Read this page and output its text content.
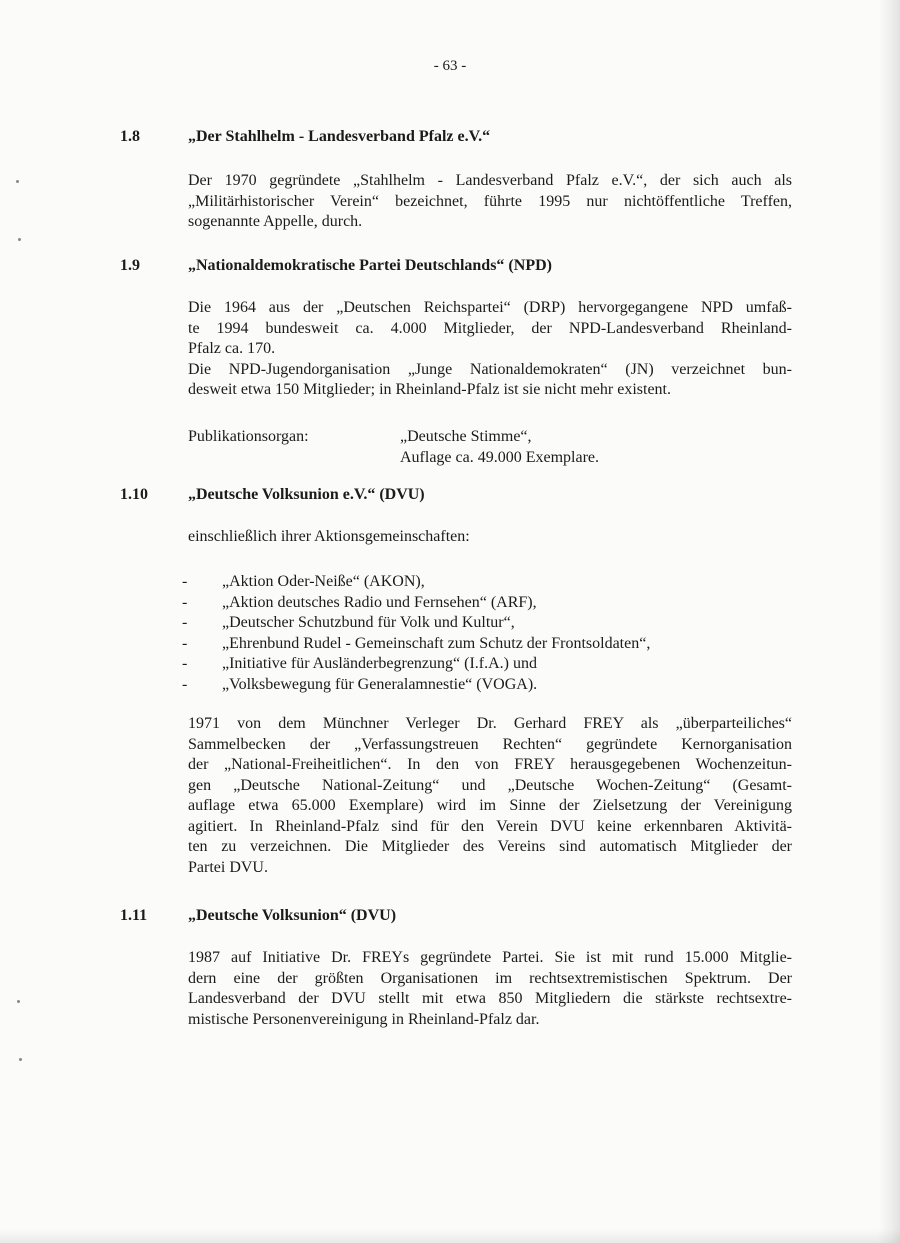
- 63 -
1.8	„Der Stahlhelm - Landesverband Pfalz e.V.“
Der 1970 gegründete „Stahlhelm - Landesverband Pfalz e.V.“, der sich auch als
„Militärhistorischer Verein“ bezeichnet, führte 1995 nur nichtöffentliche Treffen,
sogenannte Appelle, durch.
1.9	„Nationaldemokratische Partei Deutschlands“ (NPD)
Die 1964 aus der „Deutschen Reichspartei“ (DRP) hervorgegangene NPD umfaß-
te 1994 bundesweit ca. 4.000 Mitglieder, der NPD-Landesverband Rheinland-
Pfalz ca. 170.
Die NPD-Jugendorganisation „Junge Nationaldemokraten“ (JN) verzeichnet bun-
desweit etwa 150 Mitglieder; in Rheinland-Pfalz ist sie nicht mehr existent.
Publikationsorgan:	„Deutsche Stimme“,
Auflage ca. 49.000 Exemplare.
1.10	„Deutsche Volksunion e.V.“ (DVU)
einschließlich ihrer Aktionsgemeinschaften:
- „Aktion Oder-Neiße“ (AKON),
- „Aktion deutsches Radio und Fernsehen“ (ARF),
- „Deutscher Schutzbund für Volk und Kultur“,
- „Ehrenbund Rudel - Gemeinschaft zum Schutz der Frontsoldaten“,
- „Initiative für Ausländerbegrenzung“ (I.f.A.) und
- „Volksbewegung für Generalamnestie“ (VOGA).
1971 von dem Münchner Verleger Dr. Gerhard FREY als „überparteiliches“
Sammelbecken der „Verfassungstreuen Rechten“ gegründete Kernorganisation
der „National-Freiheitlichen“. In den von FREY herausgegebenen Wochenzeitun-
gen „Deutsche National-Zeitung“ und „Deutsche Wochen-Zeitung“ (Gesamt-
auflage etwa 65.000 Exemplare) wird im Sinne der Zielsetzung der Vereinigung
agitiert. In Rheinland-Pfalz sind für den Verein DVU keine erkennbaren Aktivitä-
ten zu verzeichnen. Die Mitglieder des Vereins sind automatisch Mitglieder der
Partei DVU.
1.11	„Deutsche Volksunion“ (DVU)
1987 auf Initiative Dr. FREYs gegründete Partei. Sie ist mit rund 15.000 Mitglie-
dern eine der größten Organisationen im rechtsextremistischen Spektrum. Der
Landesverband der DVU stellt mit etwa 850 Mitgliedern die stärkste rechtsextre-
mistische Personenvereinigung in Rheinland-Pfalz dar.
